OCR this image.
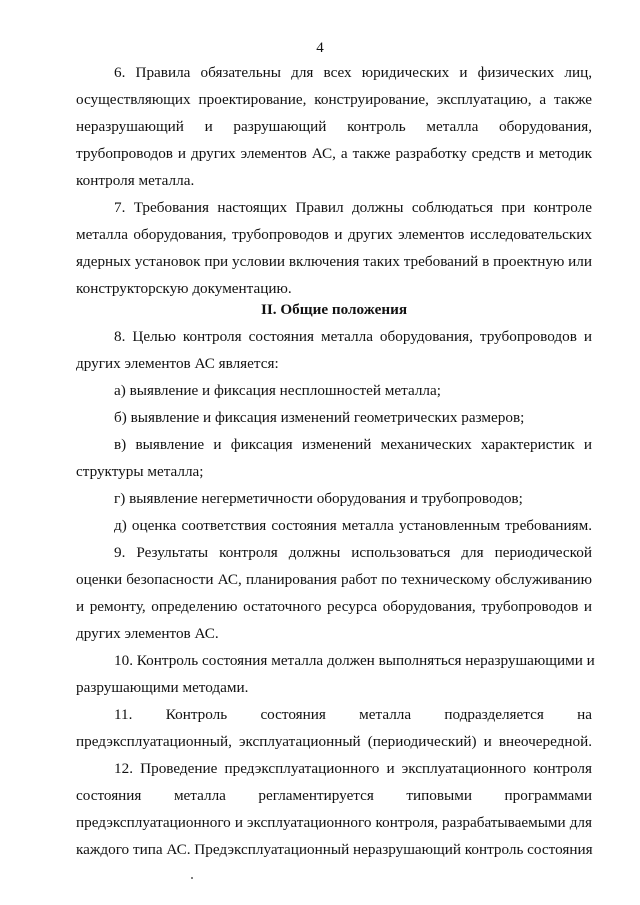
4
6. Правила обязательны для всех юридических и физических лиц,
осуществляющих проектирование, конструирование, эксплуатацию, а также
неразрушающий и разрушающий контроль металла оборудования,
трубопроводов и других элементов АС, а также разработку средств и методик
контроля металла.
7. Требования настоящих Правил должны соблюдаться при контроле
металла оборудования, трубопроводов и других элементов исследовательских
ядерных установок при условии включения таких требований в проектную или
конструкторскую документацию.
II. Общие положения
8. Целью контроля состояния металла оборудования, трубопроводов и
других элементов АС является:
а) выявление и фиксация несплошностей металла;
б) выявление и фиксация изменений геометрических размеров;
в) выявление и фиксация изменений механических характеристик и
структуры металла;
г) выявление негерметичности оборудования и трубопроводов;
д) оценка соответствия состояния металла установленным требованиям.
9. Результаты контроля должны использоваться для периодической
оценки безопасности АС, планирования работ по техническому обслуживанию
и ремонту, определению остаточного ресурса оборудования, трубопроводов и
других элементов АС.
10. Контроль состояния металла должен выполняться неразрушающими и
разрушающими методами.
11. Контроль состояния металла подразделяется на
предэксплуатационный, эксплуатационный (периодический) и внеочередной.
12. Проведение предэксплуатационного и эксплуатационного контроля
состояния металла регламентируется типовыми программами
предэксплуатационного и эксплуатационного контроля, разрабатываемыми для
каждого типа АС. Предэксплуатационный неразрушающий контроль состояния
